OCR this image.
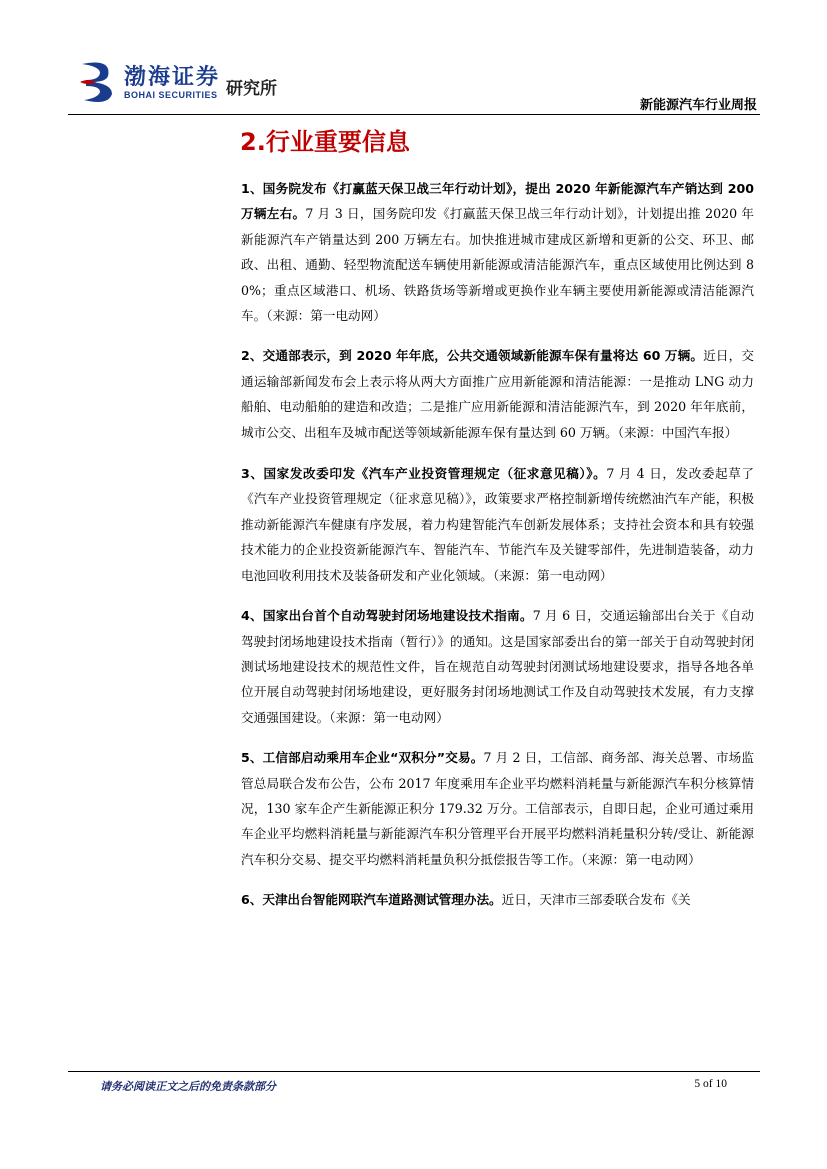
渤海证券
BOHAI SECURITIES 研究所
新能源汽车行业周报
2.行业重要信息

1、国务院发布《打赢蓝天保卫战三年行动计划》，提出 2020 年新能源汽车产销达到 200 万辆左右。7 月 3 日，国务院印发《打赢蓝天保卫战三年行动计划》，计划提出推 2020 年新能源汽车产销量达到 200 万辆左右。加快推进城市建成区新增和更新的公交、环卫、邮政、出租、通勤、轻型物流配送车辆使用新能源或清洁能源汽车，重点区域使用比例达到 80%；重点区域港口、机场、铁路货场等新增或更换作业车辆主要使用新能源或清洁能源汽车。（来源：第一电动网）

2、交通部表示，到 2020 年年底，公共交通领域新能源车保有量将达 60 万辆。近日，交通运输部新闻发布会上表示将从两大方面推广应用新能源和清洁能源：一是推动 LNG 动力船舶、电动船舶的建造和改造；二是推广应用新能源和清洁能源汽车，到 2020 年年底前，城市公交、出租车及城市配送等领域新能源车保有量达到 60 万辆。（来源：中国汽车报）

3、国家发改委印发《汽车产业投资管理规定（征求意见稿）》。7 月 4 日，发改委起草了《汽车产业投资管理规定（征求意见稿）》，政策要求严格控制新增传统燃油汽车产能，积极推动新能源汽车健康有序发展，着力构建智能汽车创新发展体系；支持社会资本和具有较强技术能力的企业投资新能源汽车、智能汽车、节能汽车及关键零部件，先进制造装备，动力电池回收利用技术及装备研发和产业化领域。（来源：第一电动网）

4、国家出台首个自动驾驶封闭场地建设技术指南。7 月 6 日，交通运输部出台关于《自动驾驶封闭场地建设技术指南（暂行）》的通知。这是国家部委出台的第一部关于自动驾驶封闭测试场地建设技术的规范性文件，旨在规范自动驾驶封闭测试场地建设要求，指导各地各单位开展自动驾驶封闭场地建设，更好服务封闭场地测试工作及自动驾驶技术发展，有力支撑交通强国建设。（来源：第一电动网）

5、工信部启动乘用车企业“双积分”交易。7 月 2 日，工信部、商务部、海关总署、市场监管总局联合发布公告，公布 2017 年度乘用车企业平均燃料消耗量与新能源汽车积分核算情况，130 家车企产生新能源正积分 179.32 万分。工信部表示，自即日起，企业可通过乘用车企业平均燃料消耗量与新能源汽车积分管理平台开展平均燃料消耗量积分转/受让、新能源汽车积分交易、提交平均燃料消耗量负积分抵偿报告等工作。（来源：第一电动网）

6、天津出台智能网联汽车道路测试管理办法。近日，天津市三部委联合发布《关

请务必阅读正文之后的免责条款部分	5 of 10
